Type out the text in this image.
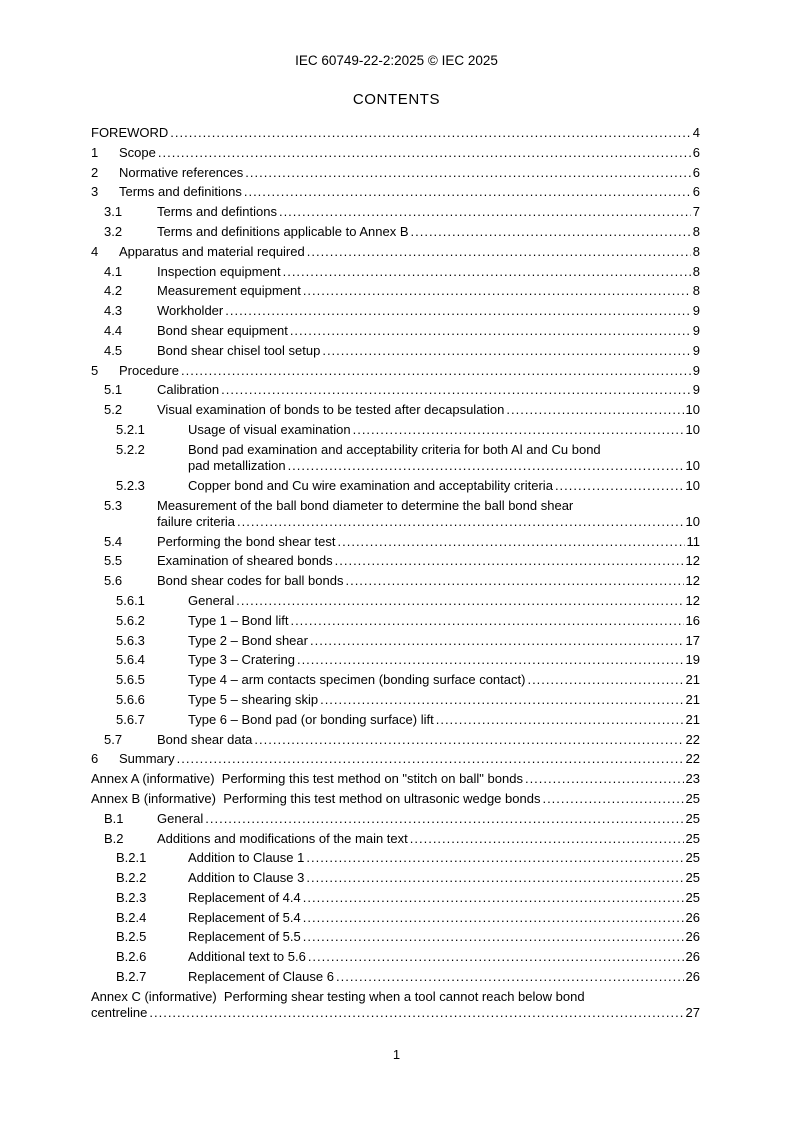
IEC 60749-22-2:2025 © IEC 2025
CONTENTS
FOREWORD .....	4
1 Scope .....	6
2 Normative references .....	6
3 Terms and definitions .....	6
3.1	Terms and defintions .....	7
3.2	Terms and definitions applicable to Annex B .....	8
4 Apparatus and material required .....	8
4.1	Inspection equipment .....	8
4.2	Measurement equipment .....	8
4.3	Workholder .....	9
4.4	Bond shear equipment .....	9
4.5	Bond shear chisel tool setup .....	9
5 Procedure .....	9
5.1	Calibration .....	9
5.2	Visual examination of bonds to be tested after decapsulation .....	10
5.2.1	Usage of visual examination .....	10
5.2.2	Bond pad examination and acceptability criteria for both Al and Cu bond
pad metallization .....	10
5.2.3	Copper bond and Cu wire examination and acceptability criteria .....	10
5.3	Measurement of the ball bond diameter to determine the ball bond shear
failure criteria .....	10
5.4	Performing the bond shear test .....	11
5.5	Examination of sheared bonds .....	12
5.6	Bond shear codes for ball bonds .....	12
5.6.1	General .....	12
5.6.2	Type 1 – Bond lift .....	16
5.6.3	Type 2 – Bond shear .....	17
5.6.4	Type 3 – Cratering .....	19
5.6.5	Type 4 – arm contacts specimen (bonding surface contact) .....	21
5.6.6	Type 5 – shearing skip .....	21
5.6.7	Type 6 – Bond pad (or bonding surface) lift .....	21
5.7	Bond shear data .....	22
6 Summary .....	22
Annex A (informative)  Performing this test method on "stitch on ball" bonds .....	23
Annex B (informative)  Performing this test method on ultrasonic wedge bonds .....	25
B.1	General .....	25
B.2	Additions and modifications of the main text .....	25
B.2.1	Addition to Clause 1 .....	25
B.2.2	Addition to Clause 3 .....	25
B.2.3	Replacement of 4.4 .....	25
B.2.4	Replacement of 5.4 .....	26
B.2.5	Replacement of 5.5 .....	26
B.2.6	Additional text to 5.6 .....	26
B.2.7	Replacement of Clause 6 .....	26
Annex C (informative)  Performing shear testing when a tool cannot reach below bond
centreline .....	27
1
